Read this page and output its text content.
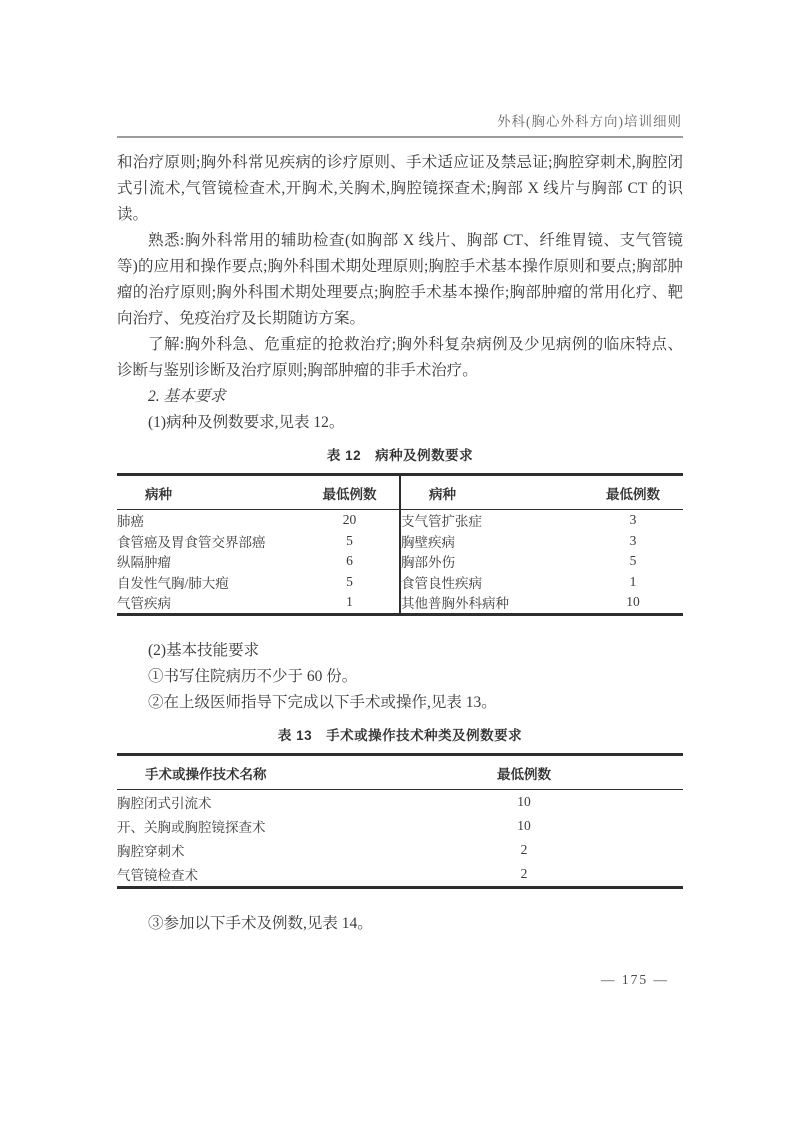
外科(胸心外科方向)培训细则

和治疗原则;胸外科常见疾病的诊疗原则、手术适应证及禁忌证;胸腔穿刺术,胸腔闭式引流术,气管镜检查术,开胸术,关胸术,胸腔镜探查术;胸部 X 线片与胸部 CT 的识读。

熟悉:胸外科常用的辅助检查(如胸部 X 线片、胸部 CT、纤维胃镜、支气管镜等)的应用和操作要点;胸外科围术期处理原则;胸腔手术基本操作原则和要点;胸部肿瘤的治疗原则;胸外科围术期处理要点;胸腔手术基本操作;胸部肿瘤的常用化疗、靶向治疗、免疫治疗及长期随访方案。

了解:胸外科急、危重症的抢救治疗;胸外科复杂病例及少见病例的临床特点、诊断与鉴别诊断及治疗原则;胸部肿瘤的非手术治疗。

2. 基本要求

(1)病种及例数要求,见表 12。

表 12　病种及例数要求
病种	最低例数	病种	最低例数
肺癌	20	支气管扩张症	3
食管癌及胃食管交界部癌	5	胸壁疾病	3
纵隔肿瘤	6	胸部外伤	5
自发性气胸/肺大疱	5	食管良性疾病	1
气管疾病	1	其他普胸外科病种	10

(2)基本技能要求

①书写住院病历不少于 60 份。

②在上级医师指导下完成以下手术或操作,见表 13。

表 13　手术或操作技术种类及例数要求
手术或操作技术名称	最低例数	
胸腔闭式引流术	10	
开、关胸或胸腔镜探查术	10	
胸腔穿刺术	2	
气管镜检查术	2	

③参加以下手术及例数,见表 14。

— 175 —
